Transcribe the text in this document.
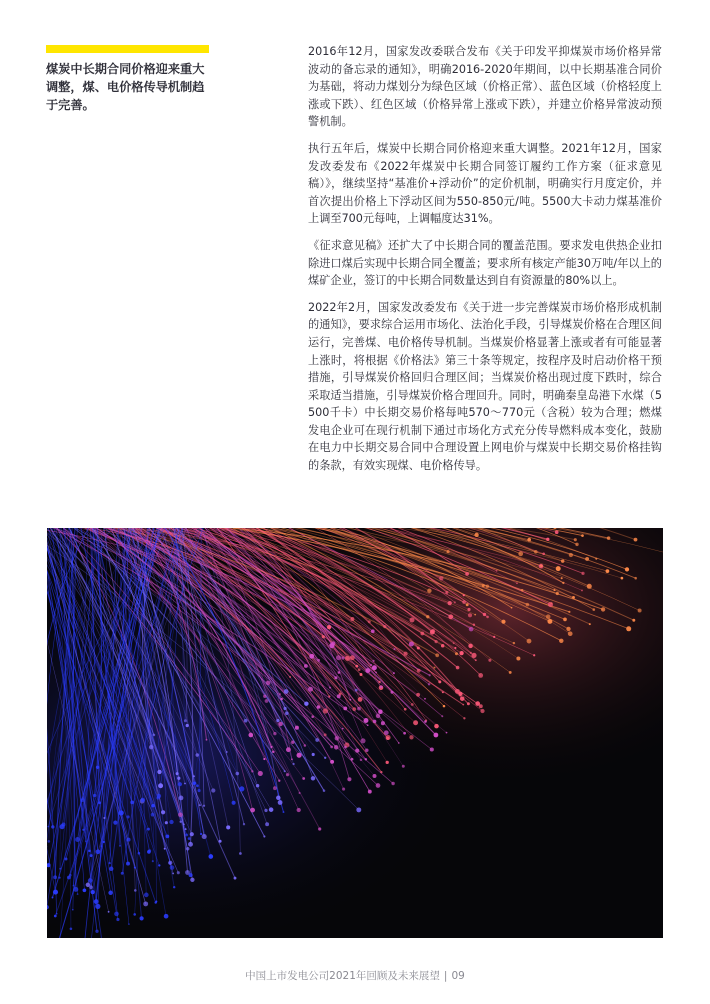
煤炭中长期合同价格迎来重大调整，煤、电价格传导机制趋于完善。

2016年12月，国家发改委联合发布《关于印发平抑煤炭市场价格异常波动的备忘录的通知》，明确2016-2020年期间，以中长期基准合同价为基础，将动力煤划分为绿色区域（价格正常）、蓝色区域（价格轻度上涨或下跌）、红色区域（价格异常上涨或下跌），并建立价格异常波动预警机制。

执行五年后，煤炭中长期合同价格迎来重大调整。2021年12月，国家发改委发布《2022年煤炭中长期合同签订履约工作方案（征求意见稿）》，继续坚持“基准价+浮动价”的定价机制，明确实行月度定价，并首次提出价格上下浮动区间为550-850元/吨。5500大卡动力煤基准价上调至700元每吨，上调幅度达31%。

《征求意见稿》还扩大了中长期合同的覆盖范围。要求发电供热企业扣除进口煤后实现中长期合同全覆盖；要求所有核定产能30万吨/年以上的煤矿企业，签订的中长期合同数量达到自有资源量的80%以上。

2022年2月，国家发改委发布《关于进一步完善煤炭市场价格形成机制的通知》，要求综合运用市场化、法治化手段，引导煤炭价格在合理区间运行，完善煤、电价格传导机制。当煤炭价格显著上涨或者有可能显著上涨时，将根据《价格法》第三十条等规定，按程序及时启动价格干预措施，引导煤炭价格回归合理区间；当煤炭价格出现过度下跌时，综合采取适当措施，引导煤炭价格合理回升。同时，明确秦皇岛港下水煤（5500千卡）中长期交易价格每吨570～770元（含税）较为合理；燃煤发电企业可在现行机制下通过市场化方式充分传导燃料成本变化，鼓励在电力中长期交易合同中合理设置上网电价与煤炭中长期交易价格挂钩的条款，有效实现煤、电价格传导。

中国上市发电公司2021年回顾及未来展望 | 09
